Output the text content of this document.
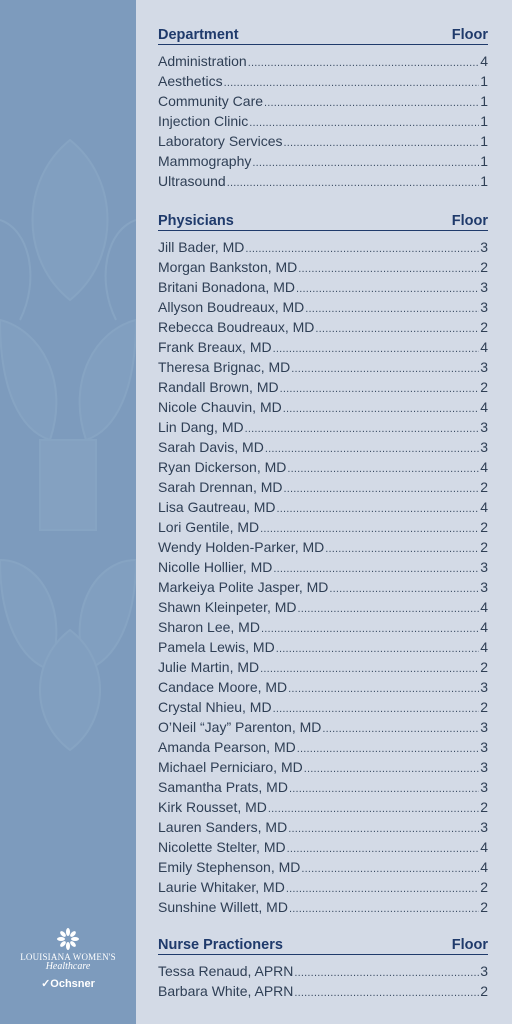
LOUISIANA WOMEN'S
Healthcare
✓Ochsner
Department	Floor
Administration .....	4
Aesthetics .....	1
Community Care .....	1
Injection Clinic .....	1
Laboratory Services .....	1
Mammography .....	1
Ultrasound .....	1
Physicians	Floor
Jill Bader, MD .....	3
Morgan Bankston, MD .....	2
Britani Bonadona, MD .....	3
Allyson Boudreaux, MD .....	3
Rebecca Boudreaux, MD .....	2
Frank Breaux, MD .....	4
Theresa Brignac, MD .....	3
Randall Brown, MD .....	2
Nicole Chauvin, MD .....	4
Lin Dang, MD .....	3
Sarah Davis, MD .....	3
Ryan Dickerson, MD .....	4
Sarah Drennan, MD .....	2
Lisa Gautreau, MD .....	4
Lori Gentile, MD .....	2
Wendy Holden-Parker, MD .....	2
Nicolle Hollier, MD .....	3
Markeiya Polite Jasper, MD .....	3
Shawn Kleinpeter, MD .....	4
Sharon Lee, MD .....	4
Pamela Lewis, MD .....	4
Julie Martin, MD .....	2
Candace Moore, MD .....	3
Crystal Nhieu, MD .....	2
O’Neil “Jay” Parenton, MD .....	3
Amanda Pearson, MD .....	3
Michael Perniciaro, MD .....	3
Samantha Prats, MD .....	3
Kirk Rousset, MD .....	2
Lauren Sanders, MD .....	3
Nicolette Stelter, MD .....	4
Emily Stephenson, MD .....	4
Laurie Whitaker, MD .....	2
Sunshine Willett, MD .....	2
Nurse Practioners	Floor
Tessa Renaud, APRN .....	3
Barbara White, APRN .....	2
